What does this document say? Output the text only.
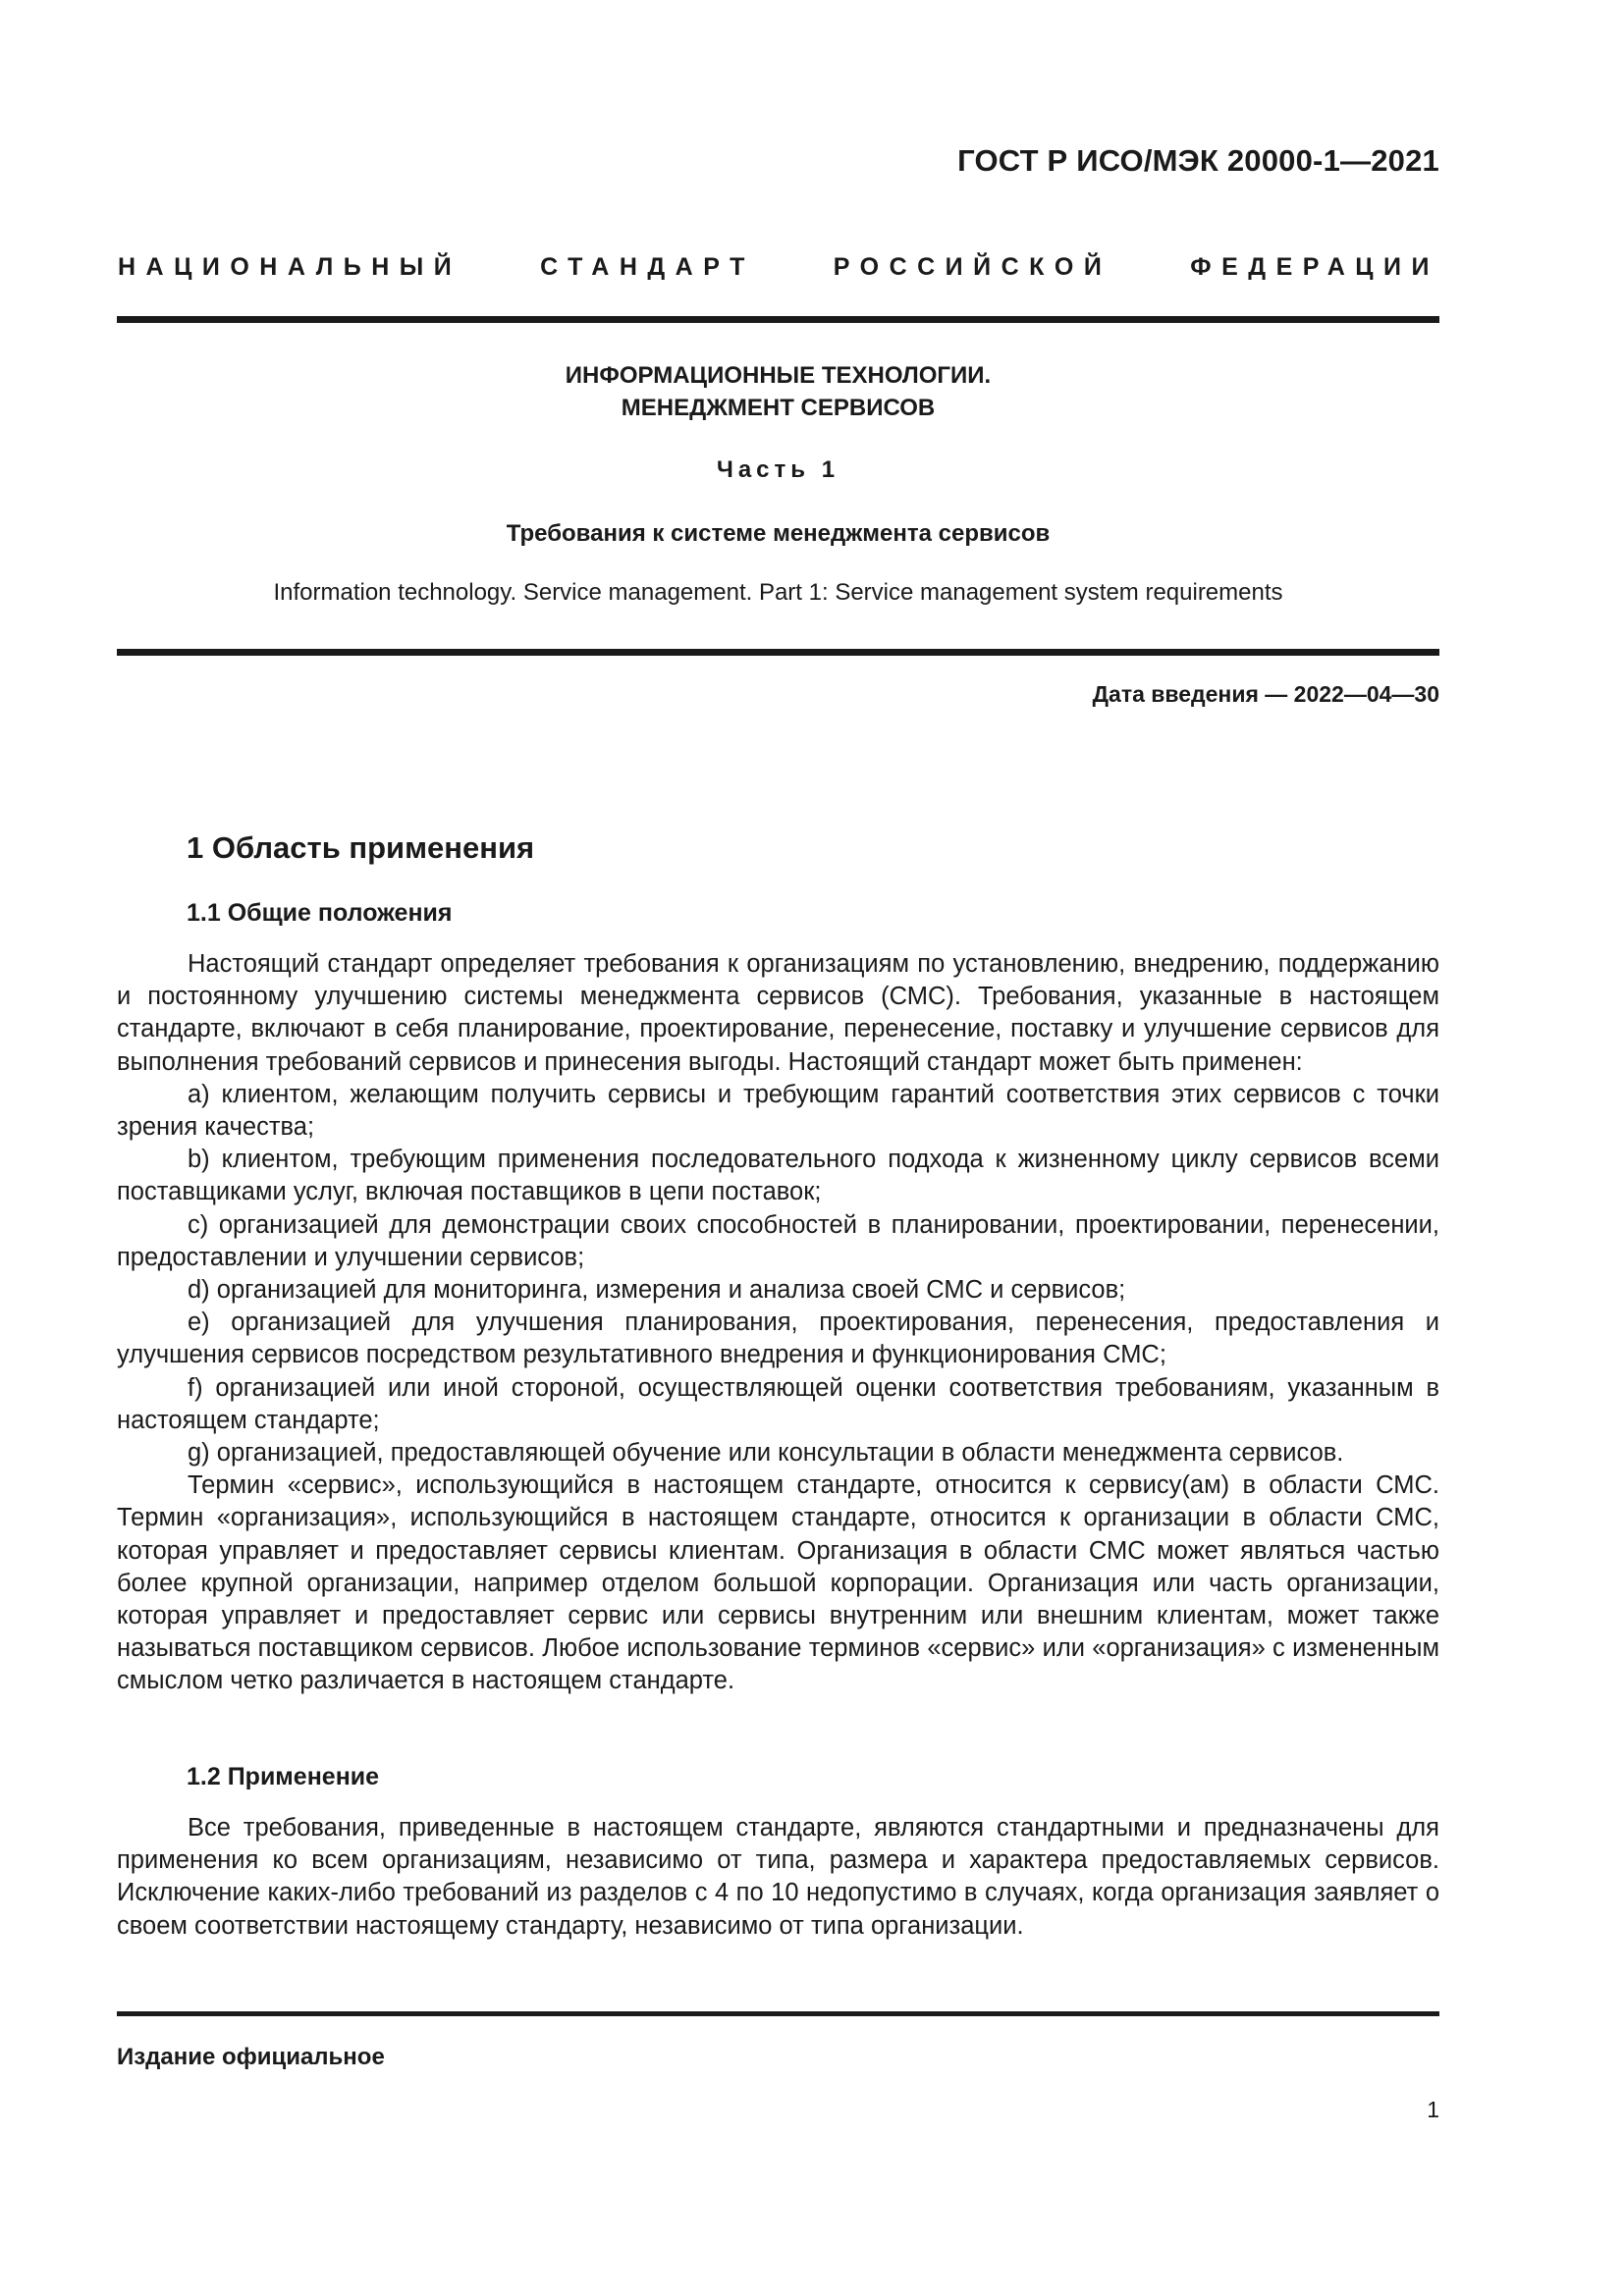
ГОСТ Р ИСО/МЭК 20000-1—2021
НАЦИОНАЛЬНЫЙ СТАНДАРТ РОССИЙСКОЙ ФЕДЕРАЦИИ
ИНФОРМАЦИОННЫЕ ТЕХНОЛОГИИ.
МЕНЕДЖМЕНТ СЕРВИСОВ
Часть 1
Требования к системе менеджмента сервисов
Information technology. Service management. Part 1: Service management system requirements
Дата введения — 2022—04—30
1 Область применения
1.1 Общие положения

Настоящий стандарт определяет требования к организациям по установлению, внедрению, поддержанию и постоянному улучшению системы менеджмента сервисов (СМС). Требования, указанные в настоящем стандарте, включают в себя планирование, проектирование, перенесение, поставку и улучшение сервисов для выполнения требований сервисов и принесения выгоды. Настоящий стандарт может быть применен:

a) клиентом, желающим получить сервисы и требующим гарантий соответствия этих сервисов с точки зрения качества;

b) клиентом, требующим применения последовательного подхода к жизненному циклу сервисов всеми поставщиками услуг, включая поставщиков в цепи поставок;

c) организацией для демонстрации своих способностей в планировании, проектировании, перенесении, предоставлении и улучшении сервисов;

d) организацией для мониторинга, измерения и анализа своей СМС и сервисов;

e) организацией для улучшения планирования, проектирования, перенесения, предоставления и улучшения сервисов посредством результативного внедрения и функционирования СМС;

f) организацией или иной стороной, осуществляющей оценки соответствия требованиям, указанным в настоящем стандарте;

g) организацией, предоставляющей обучение или консультации в области менеджмента сервисов.

Термин «сервис», использующийся в настоящем стандарте, относится к сервису(ам) в области СМС. Термин «организация», использующийся в настоящем стандарте, относится к организации в области СМС, которая управляет и предоставляет сервисы клиентам. Организация в области СМС может являться частью более крупной организации, например отделом большой корпорации. Организация или часть организации, которая управляет и предоставляет сервис или сервисы внутренним или внешним клиентам, может также называться поставщиком сервисов. Любое использование терминов «сервис» или «организация» с измененным смыслом четко различается в настоящем стандарте.

1.2 Применение

Все требования, приведенные в настоящем стандарте, являются стандартными и предназначены для применения ко всем организациям, независимо от типа, размера и характера предоставляемых сервисов. Исключение каких-либо требований из разделов с 4 по 10 недопустимо в случаях, когда организация заявляет о своем соответствии настоящему стандарту, независимо от типа организации.

Издание официальное
1
